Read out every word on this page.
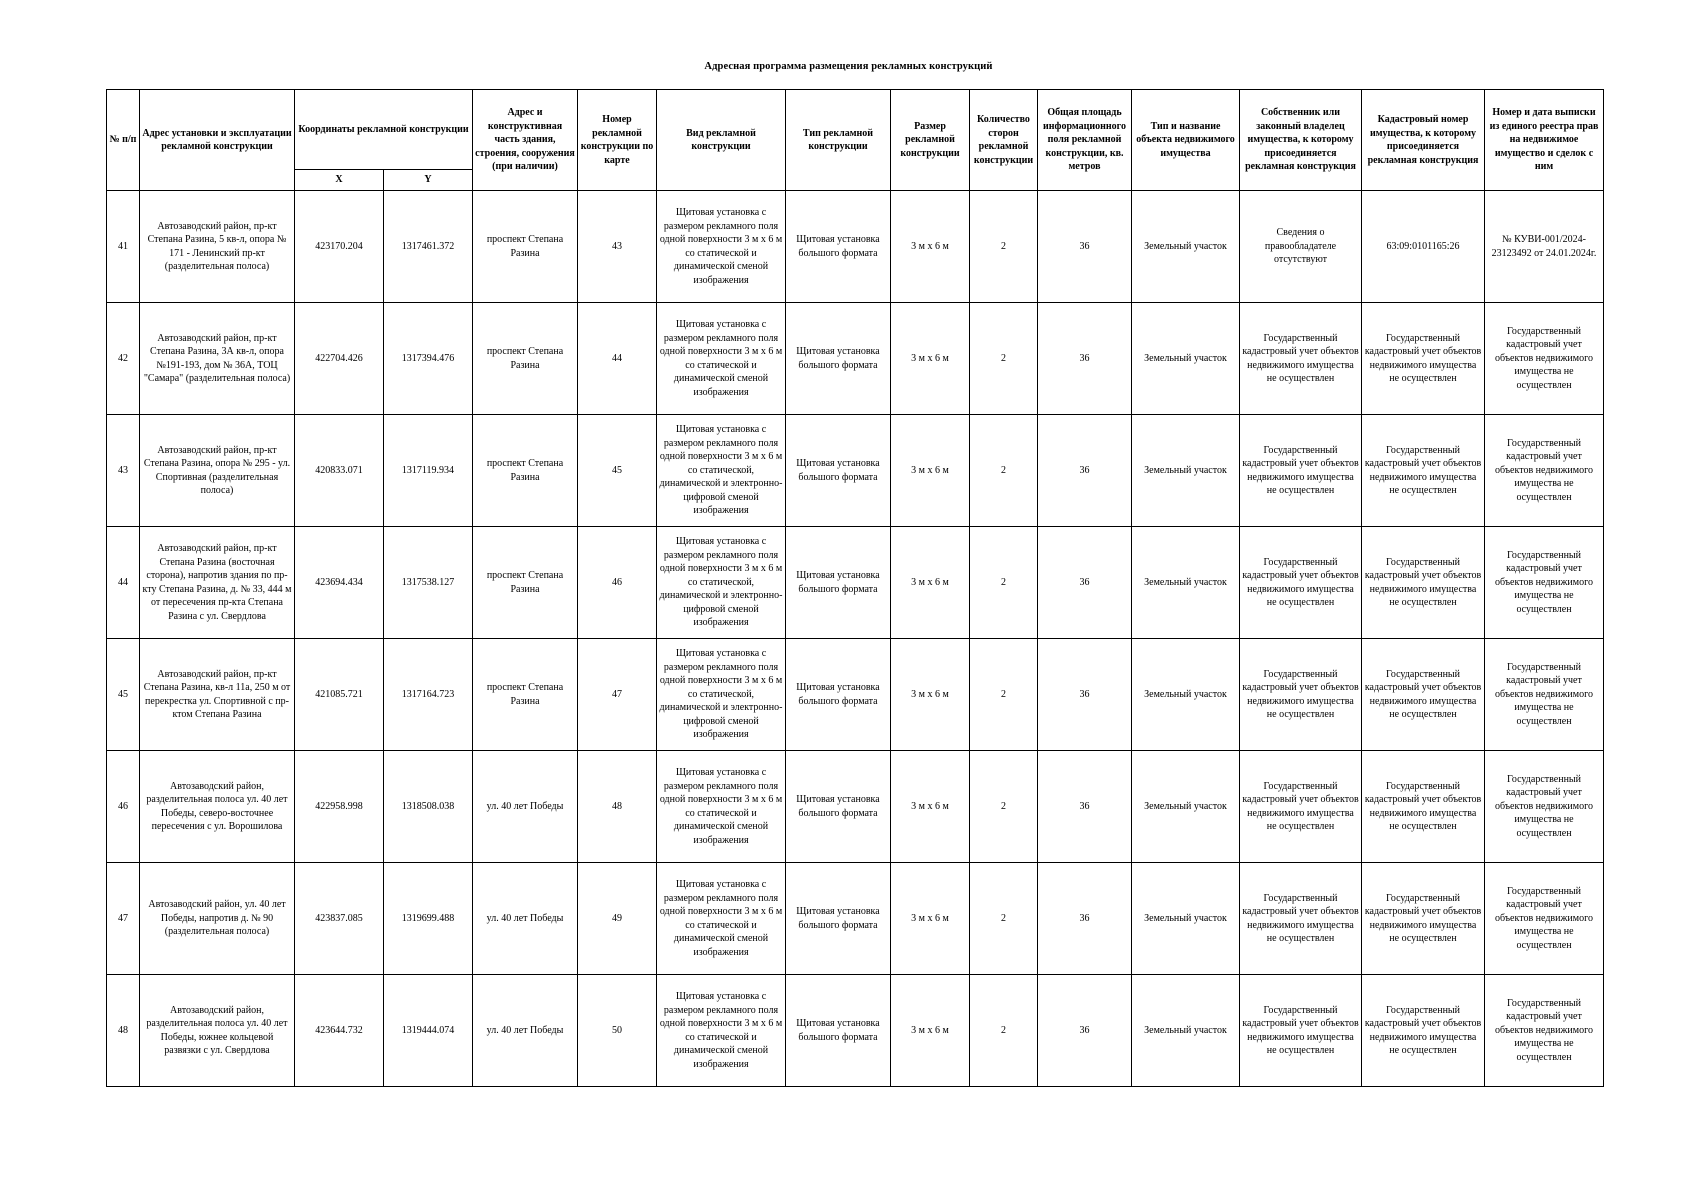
Адресная программа размещения рекламных конструкций
№ п/п	Адрес установки и эксплуатации рекламной конструкции	Координаты рекламной конструкции		Адрес и конструктивная часть здания, строения, сооружения (при наличии)	Номер рекламной конструкции по карте	Вид рекламной конструкции	Тип рекламной конструкции	Размер рекламной конструкции	Количество сторон рекламной конструкции	Общая площадь информационного поля рекламной конструкции, кв. метров	Тип и название объекта недвижимого имущества	Собственник или законный владелец имущества, к которому присоединяется рекламная конструкция	Кадастровый номер имущества, к которому присоединяется рекламная конструкция	Номер и дата выписки из единого реестра прав на недвижимое имущество и сделок с ним
		X	Y											
41	Автозаводский район, пр-кт Степана Разина, 5 кв-л, опора № 171 - Ленинский пр-кт (разделительная полоса)	423170.204	1317461.372	проспект Степана Разина	43	Щитовая установка с размером рекламного поля одной поверхности 3 м х 6 м со статической и динамической сменой изображения	Щитовая установка большого формата	3 м х 6 м	2	36	Земельный участок	Сведения о правообладателе отсутствуют	63:09:0101165:26	№ КУВИ-001/2024-23123492 от 24.01.2024г.
42	Автозаводский район, пр-кт Степана Разина, 3А кв-л, опора №191-193, дом № 36А, ТОЦ "Самара" (разделительная полоса)	422704.426	1317394.476	проспект Степана Разина	44	Щитовая установка с размером рекламного поля одной поверхности 3 м х 6 м со статической и динамической сменой изображения	Щитовая установка большого формата	3 м х 6 м	2	36	Земельный участок	Государственный кадастровый учет объектов недвижимого имущества не осуществлен	Государственный кадастровый учет объектов недвижимого имущества не осуществлен	Государственный кадастровый учет объектов недвижимого имущества не осуществлен
43	Автозаводский район, пр-кт Степана Разина, опора № 295 - ул. Спортивная (разделительная полоса)	420833.071	1317119.934	проспект Степана Разина	45	Щитовая установка с размером рекламного поля одной поверхности 3 м х 6 м со статической, динамической и электронно-цифровой сменой изображения	Щитовая установка большого формата	3 м х 6 м	2	36	Земельный участок	Государственный кадастровый учет объектов недвижимого имущества не осуществлен	Государственный кадастровый учет объектов недвижимого имущества не осуществлен	Государственный кадастровый учет объектов недвижимого имущества не осуществлен
44	Автозаводский район, пр-кт Степана Разина (восточная сторона), напротив здания по пр-кту Степана Разина, д. № 33, 444 м от пересечения пр-кта Степана Разина с ул. Свердлова	423694.434	1317538.127	проспект Степана Разина	46	Щитовая установка с размером рекламного поля одной поверхности 3 м х 6 м со статической, динамической и электронно-цифровой сменой изображения	Щитовая установка большого формата	3 м х 6 м	2	36	Земельный участок	Государственный кадастровый учет объектов недвижимого имущества не осуществлен	Государственный кадастровый учет объектов недвижимого имущества не осуществлен	Государственный кадастровый учет объектов недвижимого имущества не осуществлен
45	Автозаводский район, пр-кт Степана Разина, кв-л 11а, 250 м от перекрестка ул. Спортивной с пр-ктом Степана Разина	421085.721	1317164.723	проспект Степана Разина	47	Щитовая установка с размером рекламного поля одной поверхности 3 м х 6 м со статической, динамической и электронно-цифровой сменой изображения	Щитовая установка большого формата	3 м х 6 м	2	36	Земельный участок	Государственный кадастровый учет объектов недвижимого имущества не осуществлен	Государственный кадастровый учет объектов недвижимого имущества не осуществлен	Государственный кадастровый учет объектов недвижимого имущества не осуществлен
46	Автозаводский район, разделительная полоса ул. 40 лет Победы, северо-восточнее пересечения с ул. Ворошилова	422958.998	1318508.038	ул. 40 лет Победы	48	Щитовая установка с размером рекламного поля одной поверхности 3 м х 6 м со статической и динамической сменой изображения	Щитовая установка большого формата	3 м х 6 м	2	36	Земельный участок	Государственный кадастровый учет объектов недвижимого имущества не осуществлен	Государственный кадастровый учет объектов недвижимого имущества не осуществлен	Государственный кадастровый учет объектов недвижимого имущества не осуществлен
47	Автозаводский район, ул. 40 лет Победы, напротив д. № 90 (разделительная полоса)	423837.085	1319699.488	ул. 40 лет Победы	49	Щитовая установка с размером рекламного поля одной поверхности 3 м х 6 м со статической и динамической сменой изображения	Щитовая установка большого формата	3 м х 6 м	2	36	Земельный участок	Государственный кадастровый учет объектов недвижимого имущества не осуществлен	Государственный кадастровый учет объектов недвижимого имущества не осуществлен	Государственный кадастровый учет объектов недвижимого имущества не осуществлен
48	Автозаводский район, разделительная полоса ул. 40 лет Победы, южнее кольцевой развязки с ул. Свердлова	423644.732	1319444.074	ул. 40 лет Победы	50	Щитовая установка с размером рекламного поля одной поверхности 3 м х 6 м со статической и динамической сменой изображения	Щитовая установка большого формата	3 м х 6 м	2	36	Земельный участок	Государственный кадастровый учет объектов недвижимого имущества не осуществлен	Государственный кадастровый учет объектов недвижимого имущества не осуществлен	Государственный кадастровый учет объектов недвижимого имущества не осуществлен
